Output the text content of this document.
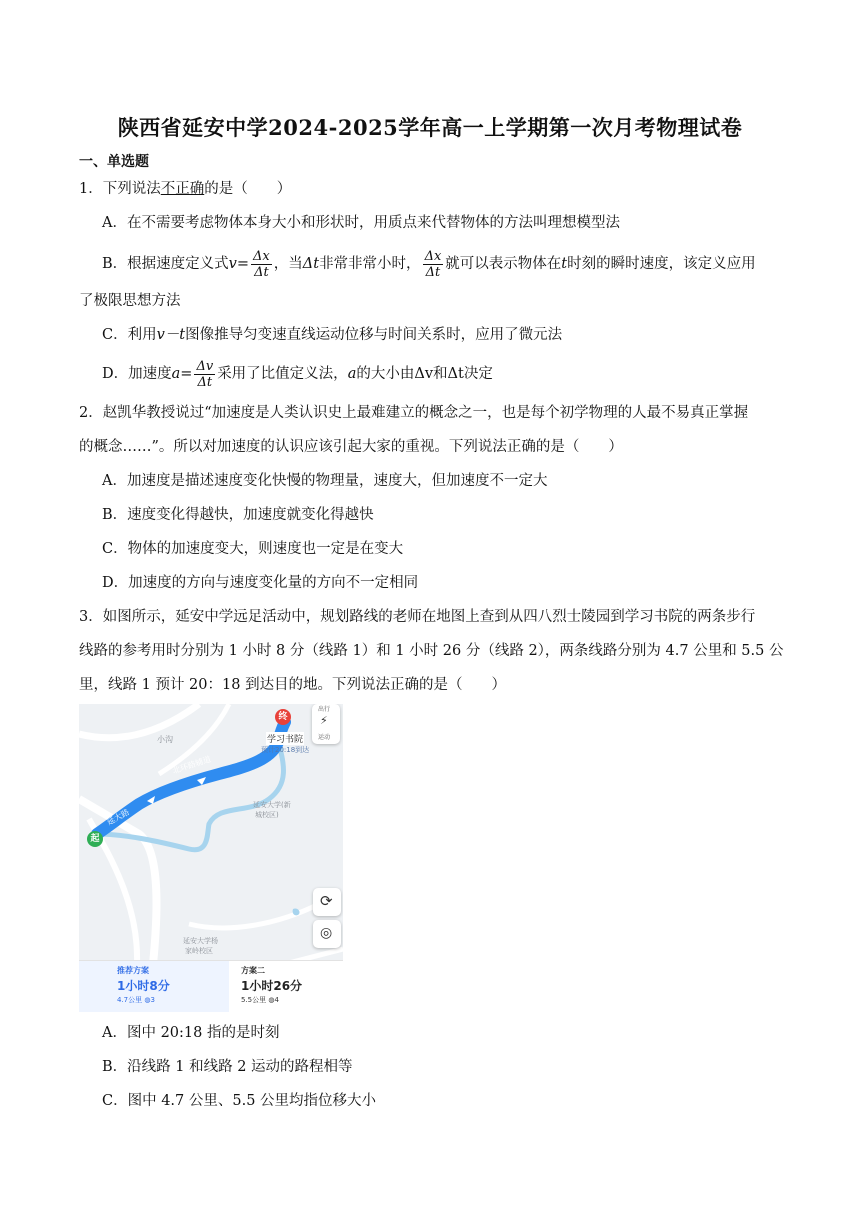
陕西省延安中学2024-2025学年高一上学期第一次月考物理试卷
一、单选题
1．下列说法不正确的是（　　）
A．在不需要考虑物体本身大小和形状时，用质点来代替物体的方法叫理想模型法
B．根据速度定义式$v= \frac{\Delta x}{\Delta t}$ ，当Δt非常非常小时， $\frac{\Delta x}{\Delta t}$ 就可以表示物体在t时刻的瞬时速度，该定义应用
了极限思想方法
C．利用v－t图像推导匀变速直线运动位移与时间关系时，应用了微元法
D．加速度$a= \frac{\Delta v}{\Delta t}$ 采用了比值定义法，a的大小由Δv和Δt决定
2．赵凯华教授说过“加速度是人类认识史上最难建立的概念之一，也是每个初学物理的人最不易真正掌握
的概念……”。所以对加速度的认识应该引起大家的重视。下列说法正确的是（　　）
A．加速度是描述速度变化快慢的物理量，速度大，但加速度不一定大
B．速度变化得越快，加速度就变化得越快
C．物体的加速度变大，则速度也一定是在变大
D．加速度的方向与速度变化量的方向不一定相同
3．如图所示，延安中学远足活动中，规划路线的老师在地图上查到从四八烈士陵园到学习书院的两条步行
线路的参考用时分别为 1 小时 8 分（线路 1）和 1 小时 26 分（线路 2），两条线路分别为 4.7 公里和 5.5 公
里，线路 1 预计 20：18 到达目的地。下列说法正确的是（　　）
终
学习书院
预计20:18到达
起
小沟
延安大学(新
城校区)
延安大学杨
家岭校区
北环路辅道
延大路
出行
⚡
运动
⟳
◎
推荐方案
1小时8分
4.7公里 ◍3
方案二
1小时26分
5.5公里 ◍4
A．图中 20:18 指的是时刻
B．沿线路 1 和线路 2 运动的路程相等
C．图中 4.7 公里、5.5 公里均指位移大小
